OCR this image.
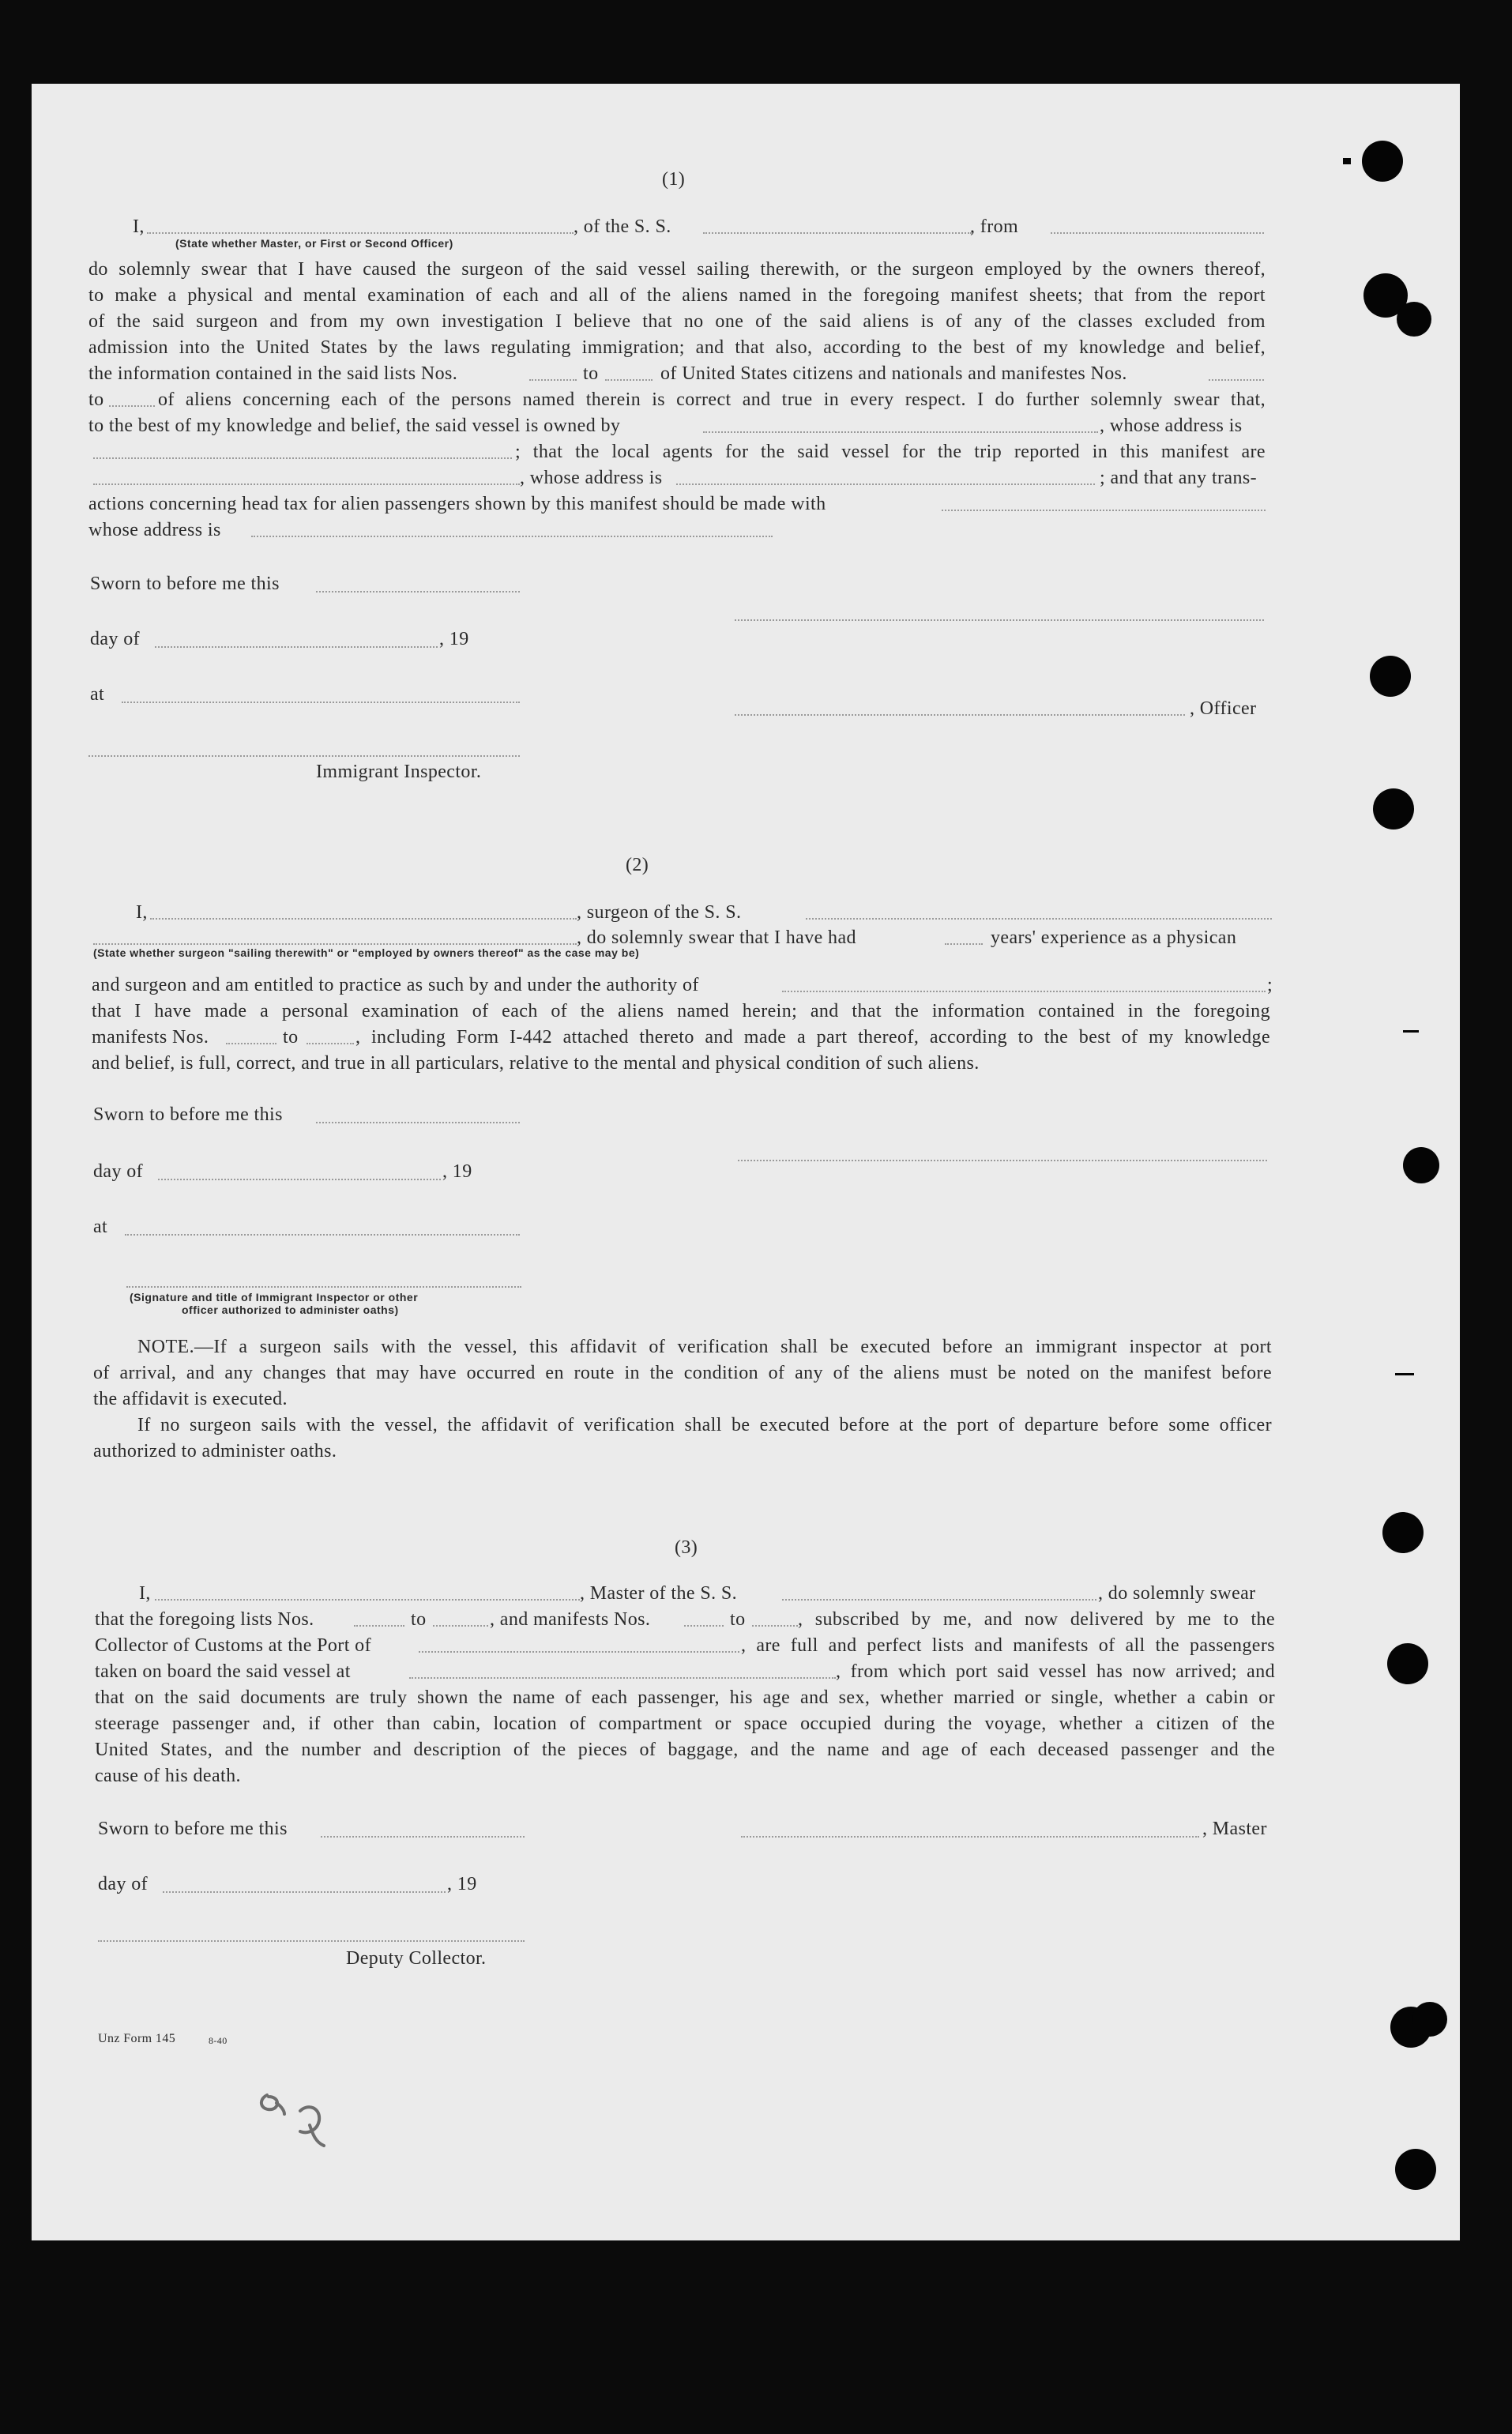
(1)
I,	, of the S. S.	, from
(State whether Master, or First or Second Officer)
do solemnly swear that I have caused the surgeon of the said vessel sailing therewith, or the surgeon employed by the owners thereof,
to make a physical and mental examination of each and all of the aliens named in the foregoing manifest sheets; that from the report
of the said surgeon and from my own investigation I believe that no one of the said aliens is of any of the classes excluded from
admission into the United States by the laws regulating immigration; and that also, according to the best of my knowledge and belief,
the information contained in the said lists Nos.	to	of United States citizens and nationals and manifestes Nos.
to	of aliens concerning each of the persons named therein is correct and true in every respect. I do further solemnly swear that,
to the best of my knowledge and belief, the said vessel is owned by	, whose address is
; that the local agents for the said vessel for the trip reported in this manifest are
, whose address is	; and that any trans-
actions concerning head tax for alien passengers shown by this manifest should be made with
whose address is
Sworn to before me this
day of	, 19
at
, Officer
Immigrant Inspector.
(2)
I,	, surgeon of the S. S.
, do solemnly swear that I have had	years' experience as a physican
(State whether surgeon "sailing therewith" or "employed by owners thereof" as the case may be)
and surgeon and am entitled to practice as such by and under the authority of	;
that I have made a personal examination of each of the aliens named herein; and that the information contained in the foregoing
manifests Nos.	to	, including Form I-442 attached thereto and made a part thereof, according to the best of my knowledge
and belief, is full, correct, and true in all particulars, relative to the mental and physical condition of such aliens.
Sworn to before me this
day of	, 19
at
(Signature and title of Immigrant Inspector or other
officer authorized to administer oaths)
NOTE.—If a surgeon sails with the vessel, this affidavit of verification shall be executed before an immigrant inspector at port
of arrival, and any changes that may have occurred en route in the condition of any of the aliens must be noted on the manifest before
the affidavit is executed.
If no surgeon sails with the vessel, the affidavit of verification shall be executed before at the port of departure before some officer
authorized to administer oaths.
(3)
I,	, Master of the S. S.	, do solemnly swear
that the foregoing lists Nos.	to	, and manifests Nos.	to	, subscribed by me, and now delivered by me to the
Collector of Customs at the Port of	, are full and perfect lists and manifests of all the passengers
taken on board the said vessel at	, from which port said vessel has now arrived; and
that on the said documents are truly shown the name of each passenger, his age and sex, whether married or single, whether a cabin or
steerage passenger and, if other than cabin, location of compartment or space occupied during the voyage, whether a citizen of the
United States, and the number and description of the pieces of baggage, and the name and age of each deceased passenger and the
cause of his death.
Sworn to before me this	, Master
day of	, 19
Deputy Collector.
Unz Form 145	8-40
